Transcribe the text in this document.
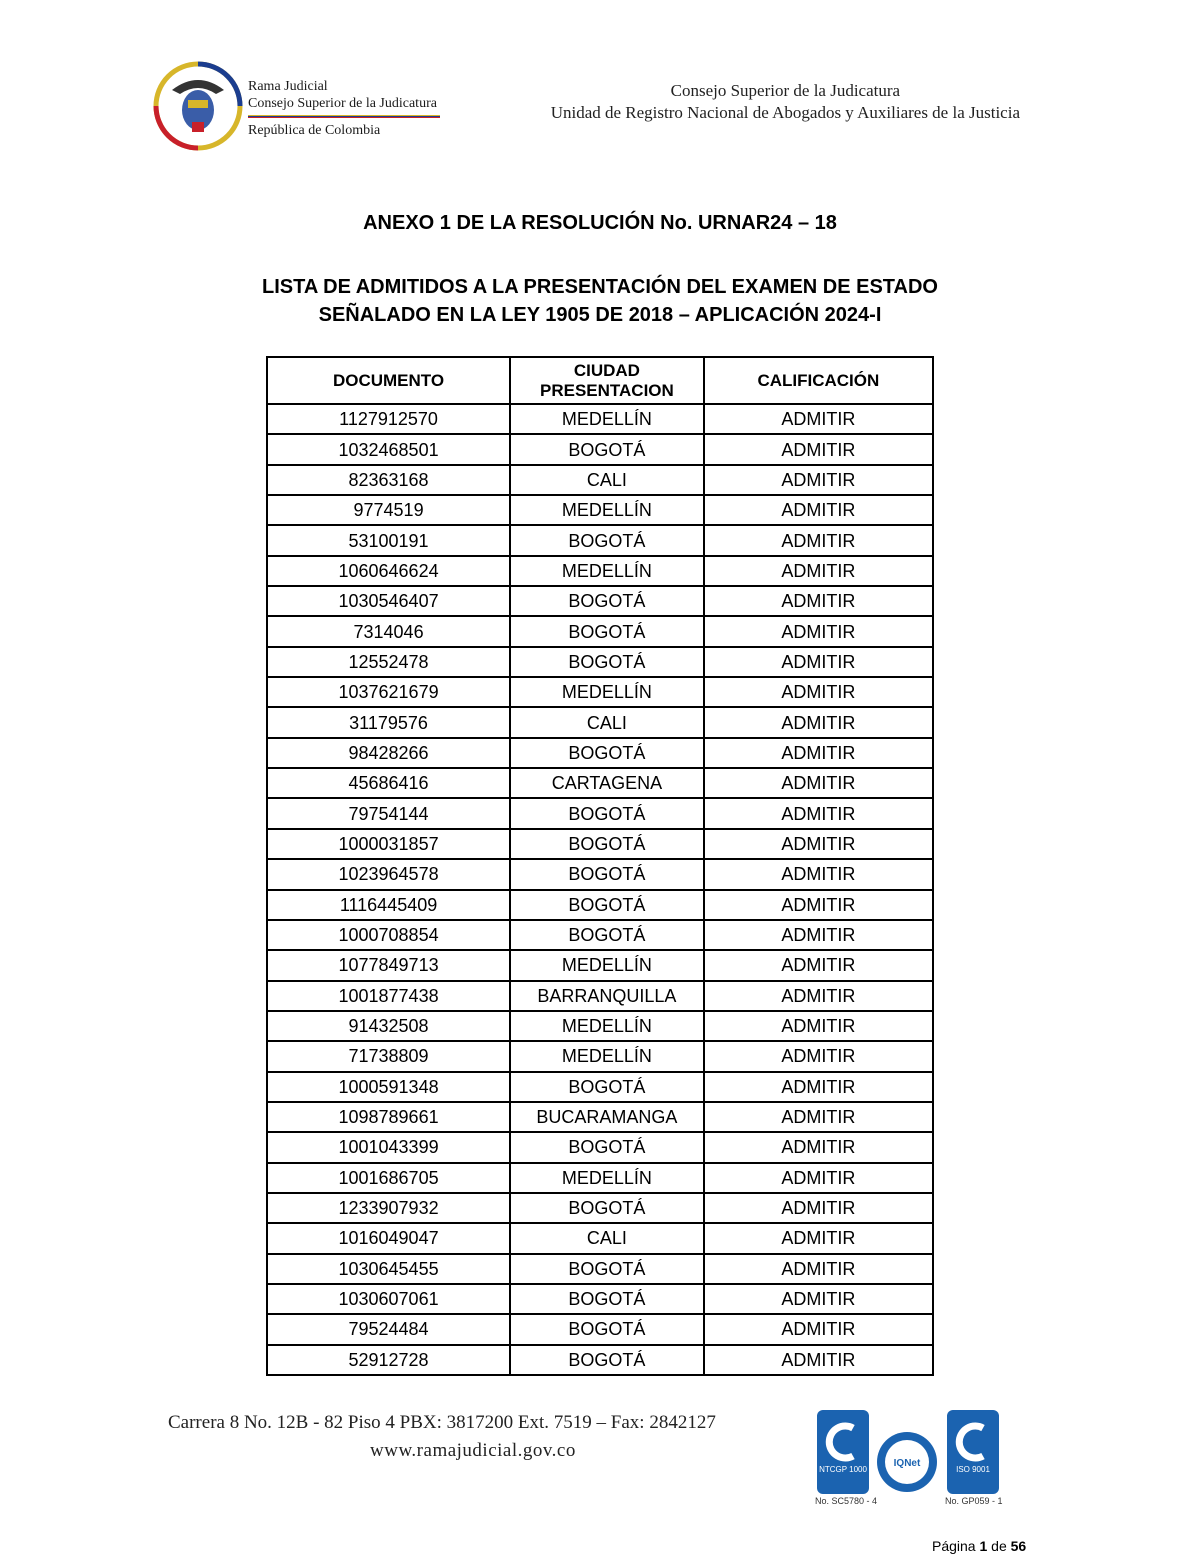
Rama Judicial
Consejo Superior de la Judicatura
República de Colombia
Consejo Superior de la Judicatura
Unidad de Registro Nacional de Abogados y Auxiliares de la Justicia
ANEXO 1 DE LA RESOLUCIÓN No. URNAR24 – 18
LISTA DE ADMITIDOS A LA PRESENTACIÓN DEL EXAMEN DE ESTADO
SEÑALADO EN LA LEY 1905 DE 2018 – APLICACIÓN 2024-I
DOCUMENTO	CIUDAD PRESENTACION	CALIFICACIÓN
1127912570	MEDELLÍN	ADMITIR
1032468501	BOGOTÁ	ADMITIR
82363168	CALI	ADMITIR
9774519	MEDELLÍN	ADMITIR
53100191	BOGOTÁ	ADMITIR
1060646624	MEDELLÍN	ADMITIR
1030546407	BOGOTÁ	ADMITIR
7314046	BOGOTÁ	ADMITIR
12552478	BOGOTÁ	ADMITIR
1037621679	MEDELLÍN	ADMITIR
31179576	CALI	ADMITIR
98428266	BOGOTÁ	ADMITIR
45686416	CARTAGENA	ADMITIR
79754144	BOGOTÁ	ADMITIR
1000031857	BOGOTÁ	ADMITIR
1023964578	BOGOTÁ	ADMITIR
1116445409	BOGOTÁ	ADMITIR
1000708854	BOGOTÁ	ADMITIR
1077849713	MEDELLÍN	ADMITIR
1001877438	BARRANQUILLA	ADMITIR
91432508	MEDELLÍN	ADMITIR
71738809	MEDELLÍN	ADMITIR
1000591348	BOGOTÁ	ADMITIR
1098789661	BUCARAMANGA	ADMITIR
1001043399	BOGOTÁ	ADMITIR
1001686705	MEDELLÍN	ADMITIR
1233907932	BOGOTÁ	ADMITIR
1016049047	CALI	ADMITIR
1030645455	BOGOTÁ	ADMITIR
1030607061	BOGOTÁ	ADMITIR
79524484	BOGOTÁ	ADMITIR
52912728	BOGOTÁ	ADMITIR
Carrera 8 No. 12B - 82 Piso 4 PBX: 3817200 Ext. 7519 – Fax: 2842127
www.ramajudicial.gov.co
NTCGP 1000
IQNet
ISO 9001
No. SC5780 - 4	No. GP059 - 1
Página 1 de 56
